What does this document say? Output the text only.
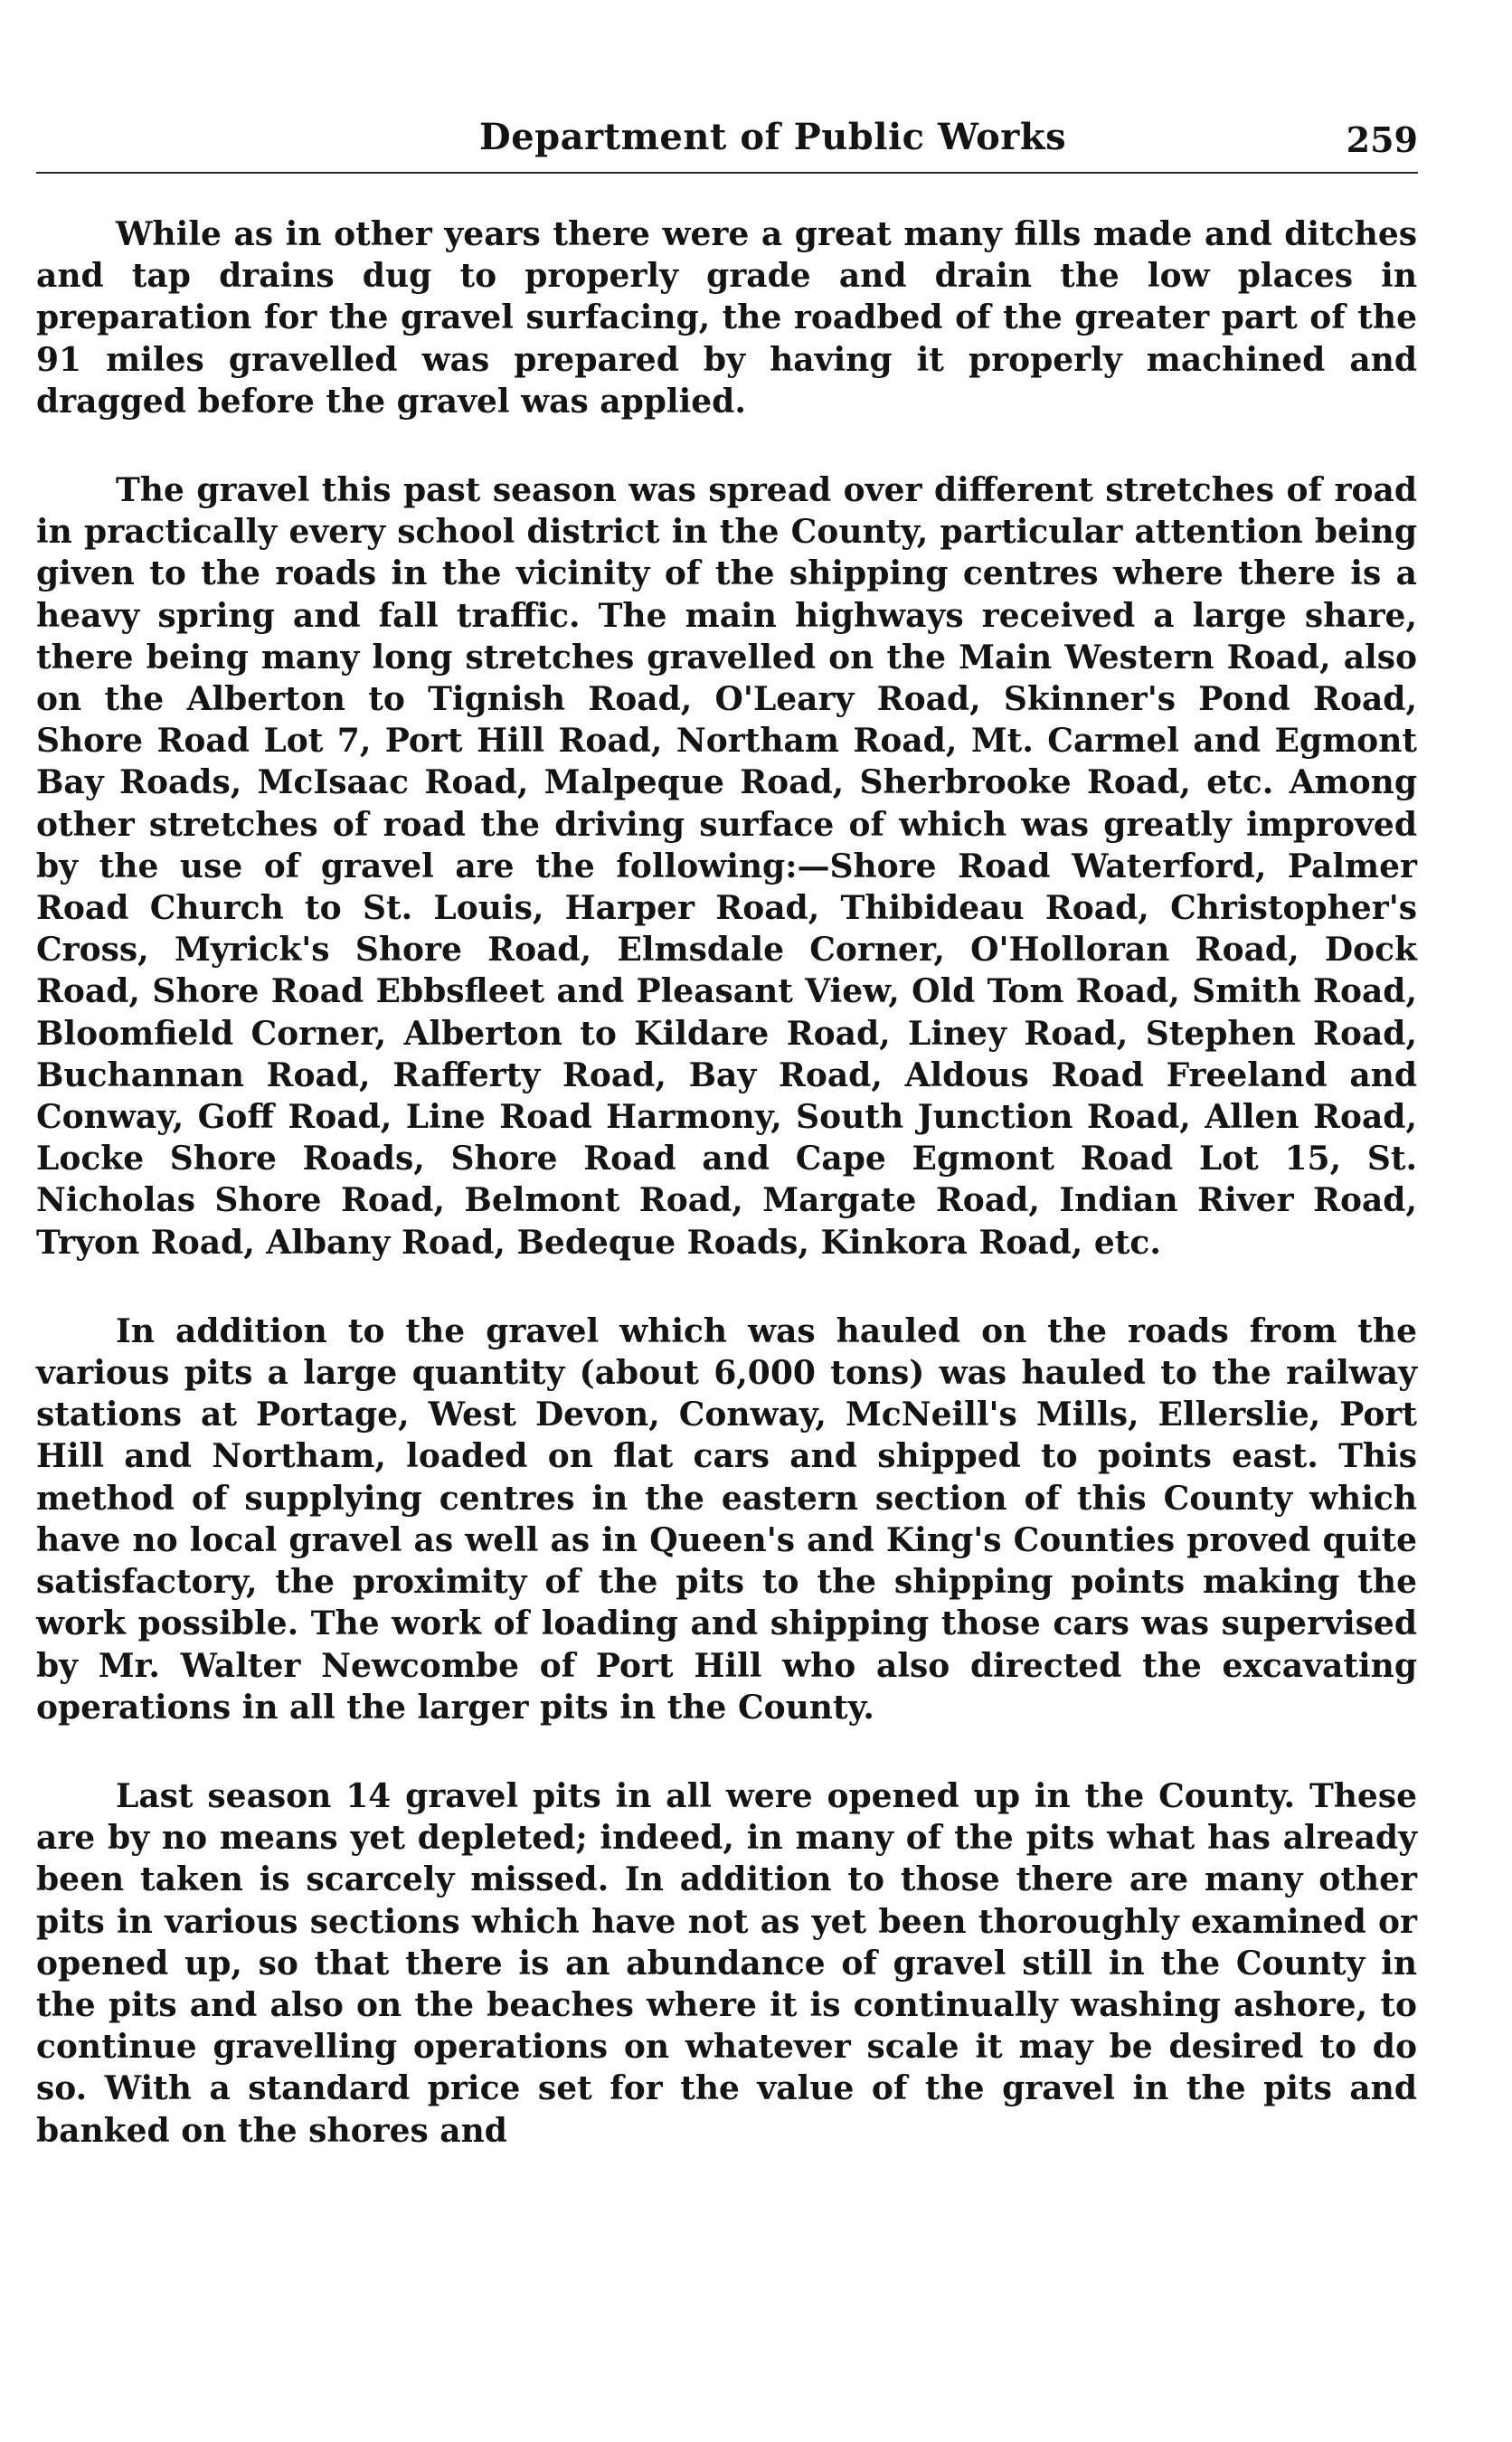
Department of Public Works	259

While as in other years there were a great many fills made and ditches and tap drains dug to properly grade and drain the low places in preparation for the gravel surfacing, the roadbed of the greater part of the 91 miles gravelled was prepared by having it properly machined and dragged before the gravel was applied.

The gravel this past season was spread over different stretches of road in practically every school district in the County, particular attention being given to the roads in the vicinity of the shipping centres where there is a heavy spring and fall traffic. The main highways received a large share, there being many long stretches gravelled on the Main Western Road, also on the Alberton to Tignish Road, O'Leary Road, Skinner's Pond Road, Shore Road Lot 7, Port Hill Road, Northam Road, Mt. Carmel and Egmont Bay Roads, McIsaac Road, Malpeque Road, Sherbrooke Road, etc. Among other stretches of road the driving surface of which was greatly improved by the use of gravel are the following:—Shore Road Waterford, Palmer Road Church to St. Louis, Harper Road, Thibideau Road, Christopher's Cross, Myrick's Shore Road, Elmsdale Corner, O'Holloran Road, Dock Road, Shore Road Ebbsfleet and Pleasant View, Old Tom Road, Smith Road, Bloomfield Corner, Alberton to Kildare Road, Liney Road, Stephen Road, Buchannan Road, Rafferty Road, Bay Road, Aldous Road Freeland and Conway, Goff Road, Line Road Harmony, South Junction Road, Allen Road, Locke Shore Roads, Shore Road and Cape Egmont Road Lot 15, St. Nicholas Shore Road, Belmont Road, Margate Road, Indian River Road, Tryon Road, Albany Road, Bedeque Roads, Kinkora Road, etc.

In addition to the gravel which was hauled on the roads from the various pits a large quantity (about 6,000 tons) was hauled to the railway stations at Portage, West Devon, Conway, McNeill's Mills, Ellerslie, Port Hill and Northam, loaded on flat cars and shipped to points east. This method of supplying centres in the eastern section of this County which have no local gravel as well as in Queen's and King's Counties proved quite satisfactory, the proximity of the pits to the shipping points making the work possible. The work of loading and shipping those cars was supervised by Mr. Walter Newcombe of Port Hill who also directed the excavating operations in all the larger pits in the County.

Last season 14 gravel pits in all were opened up in the County. These are by no means yet depleted; indeed, in many of the pits what has already been taken is scarcely missed. In addition to those there are many other pits in various sections which have not as yet been thoroughly examined or opened up, so that there is an abundance of gravel still in the County in the pits and also on the beaches where it is continually washing ashore, to continue gravelling operations on whatever scale it may be desired to do so. With a standard price set for the value of the gravel in the pits and banked on the shores and
